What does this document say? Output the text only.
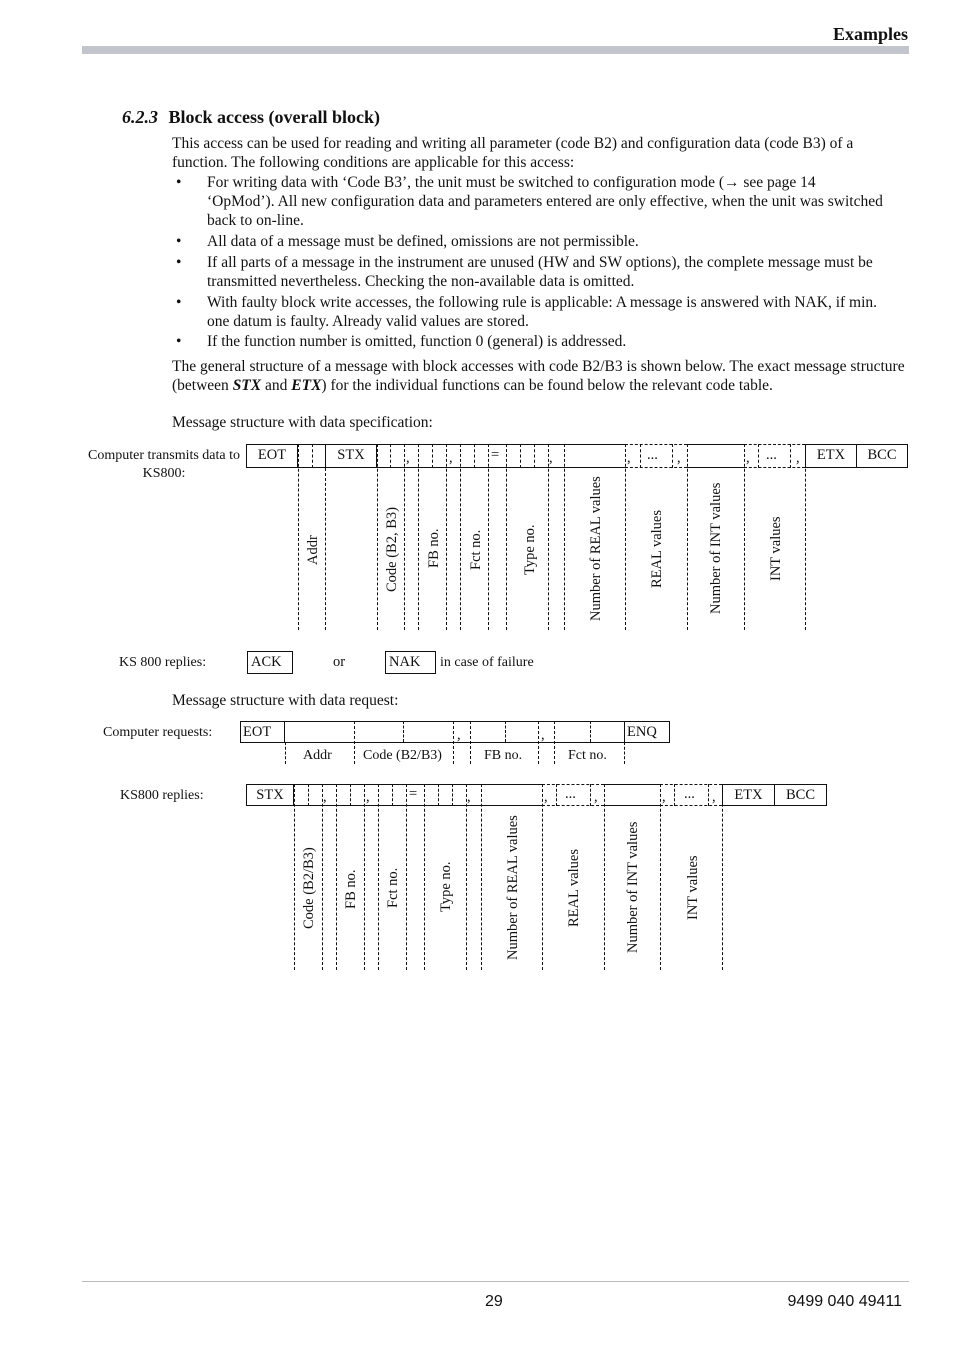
Examples
6.2.3 Block access (overall block)
This access can be used for reading and writing all parameter (code B2) and configuration data (code B3) of a function. The following conditions are applicable for this access:
• For writing data with ‘Code B3’, the unit must be switched to configuration mode (→ see page 14 ‘OpMod’). All new configuration data and parameters entered are only effective, when the unit was switched back to on-line.
• All data of a message must be defined, omissions are not permissible.
• If all parts of a message in the instrument are unused (HW and SW options), the complete message must be transmitted nevertheless. Checking the non-available data is omitted.
• With faulty block write accesses, the following rule is applicable: A message is answered with NAK, if min. one datum is faulty. Already valid values are stored.
• If the function number is omitted, function 0 (general) is addressed.
The general structure of a message with block accesses with code B2/B3 is shown below. The exact message structure (between STX and ETX) for the individual functions can be found below the relevant code table.
Message structure with data specification:
Computer transmits data to KS800:
EOT	STX	ETX	BCC
,	,	=	,	, ... ,	, ... ,
Addr	Code (B2, B3) FB no. Fct no.	Type no.	Number of REAL values	REAL values	Number of INT values	INT values
KS 800 replies:	ACK	or	NAK	in case of failure
Message structure with data request:
Computer requests: EOT	ENQ
,	,
Addr Code (B2/B3)	FB no.	Fct no.
KS800 replies:	STX	ETX	BCC
,	,	=	,	, ... ,	, ... ,
Code (B2/B3) FB no. Fct no.	Type no.	Number of REAL values	REAL values	Number of INT values	INT values
29	9499 040 49411
